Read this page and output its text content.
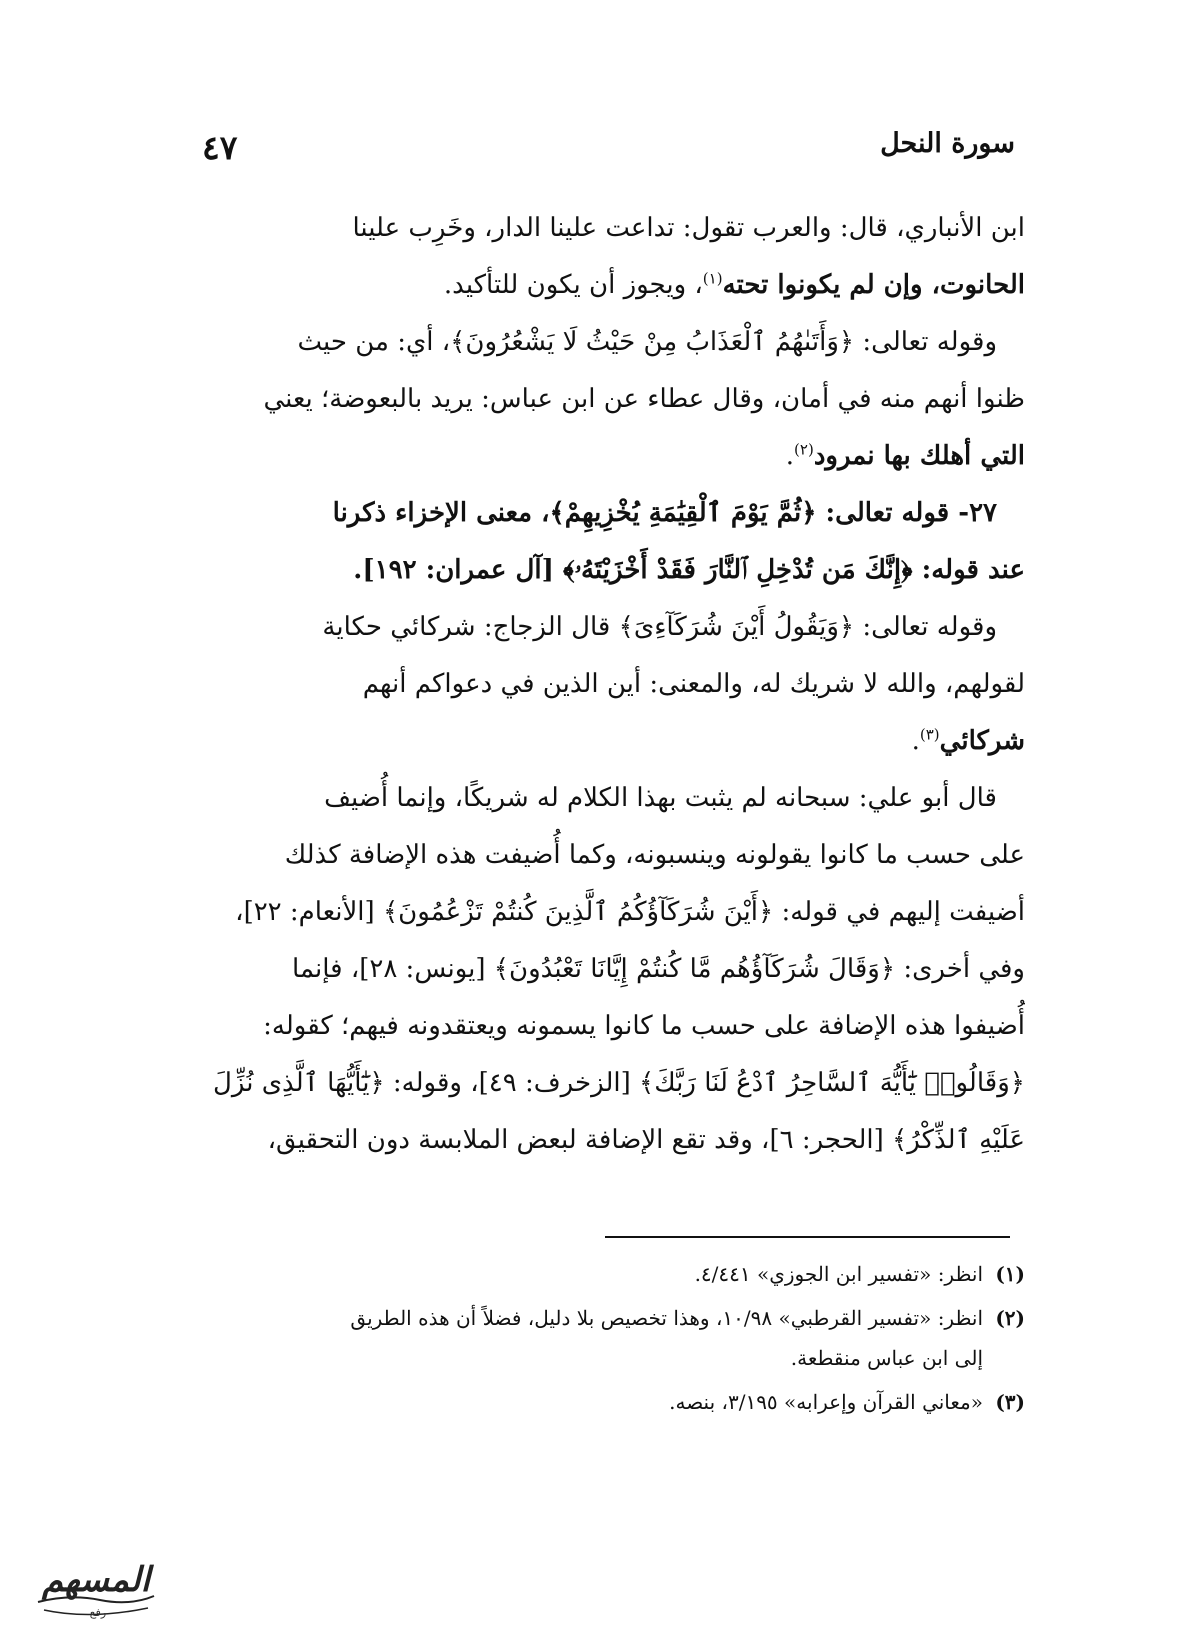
سورة النحل
٤٧
ابن الأنباري، قال: والعرب تقول: تداعت علينا الدار، وخَرِب علينا
الحانوت، وإن لم يكونوا تحته$^{(١)}$، ويجوز أن يكون للتأكيد.
وقوله تعالى: ﴿وَأَتَىٰهُمُ ٱلْعَذَابُ مِنْ حَيْثُ لَا يَشْعُرُونَ﴾، أي: من حيث
ظنوا أنهم منه في أمان، وقال عطاء عن ابن عباس: يريد بالبعوضة؛ يعني
التي أهلك بها نمرود$^{(٢)}$.
٢٧- قوله تعالى: ﴿ثُمَّ يَوْمَ ٱلْقِيَٰمَةِ يُخْزِيهِمْ﴾، معنى الإخزاء ذكرنا
عند قوله: ﴿إِنَّكَ مَن تُدْخِلِ ٱلنَّارَ فَقَدْ أَخْزَيْتَهُۥ﴾ [آل عمران: ١٩٢].
وقوله تعالى: ﴿وَيَقُولُ أَيْنَ شُرَكَآءِىَ﴾ قال الزجاج: شركائي حكاية
لقولهم، والله لا شريك له، والمعنى: أين الذين في دعواكم أنهم
شركائي$^{(٣)}$.
قال أبو علي: سبحانه لم يثبت بهذا الكلام له شريكًا، وإنما أُضيف
على حسب ما كانوا يقولونه وينسبونه، وكما أُضيفت هذه الإضافة كذلك
أضيفت إليهم في قوله: ﴿أَيْنَ شُرَكَآؤُكُمُ ٱلَّذِينَ كُنتُمْ تَزْعُمُونَ﴾ [الأنعام: ٢٢]،
وفي أخرى: ﴿وَقَالَ شُرَكَآؤُهُم مَّا كُنتُمْ إِيَّانَا تَعْبُدُونَ﴾ [يونس: ٢٨]، فإنما
أُضيفوا هذه الإضافة على حسب ما كانوا يسمونه ويعتقدونه فيهم؛ كقوله:
﴿وَقَالُوا۟ يَٰٓأَيُّهَ ٱلسَّاحِرُ ٱدْعُ لَنَا رَبَّكَ﴾ [الزخرف: ٤٩]، وقوله: ﴿يَٰٓأَيُّهَا ٱلَّذِى نُزِّلَ
عَلَيْهِ ٱلذِّكْرُ﴾ [الحجر: ٦]، وقد تقع الإضافة لبعض الملابسة دون التحقيق،
(١)
انظر: «تفسير ابن الجوزي» ٤/٤٤١.
(٢)
انظر: «تفسير القرطبي» ١٠/٩٨، وهذا تخصيص بلا دليل، فضلاً أن هذه الطريق
إلى ابن عباس منقطعة.
(٣)
«معاني القرآن وإعرابه» ٣/١٩٥، بنصه.
المسهم
رفع
